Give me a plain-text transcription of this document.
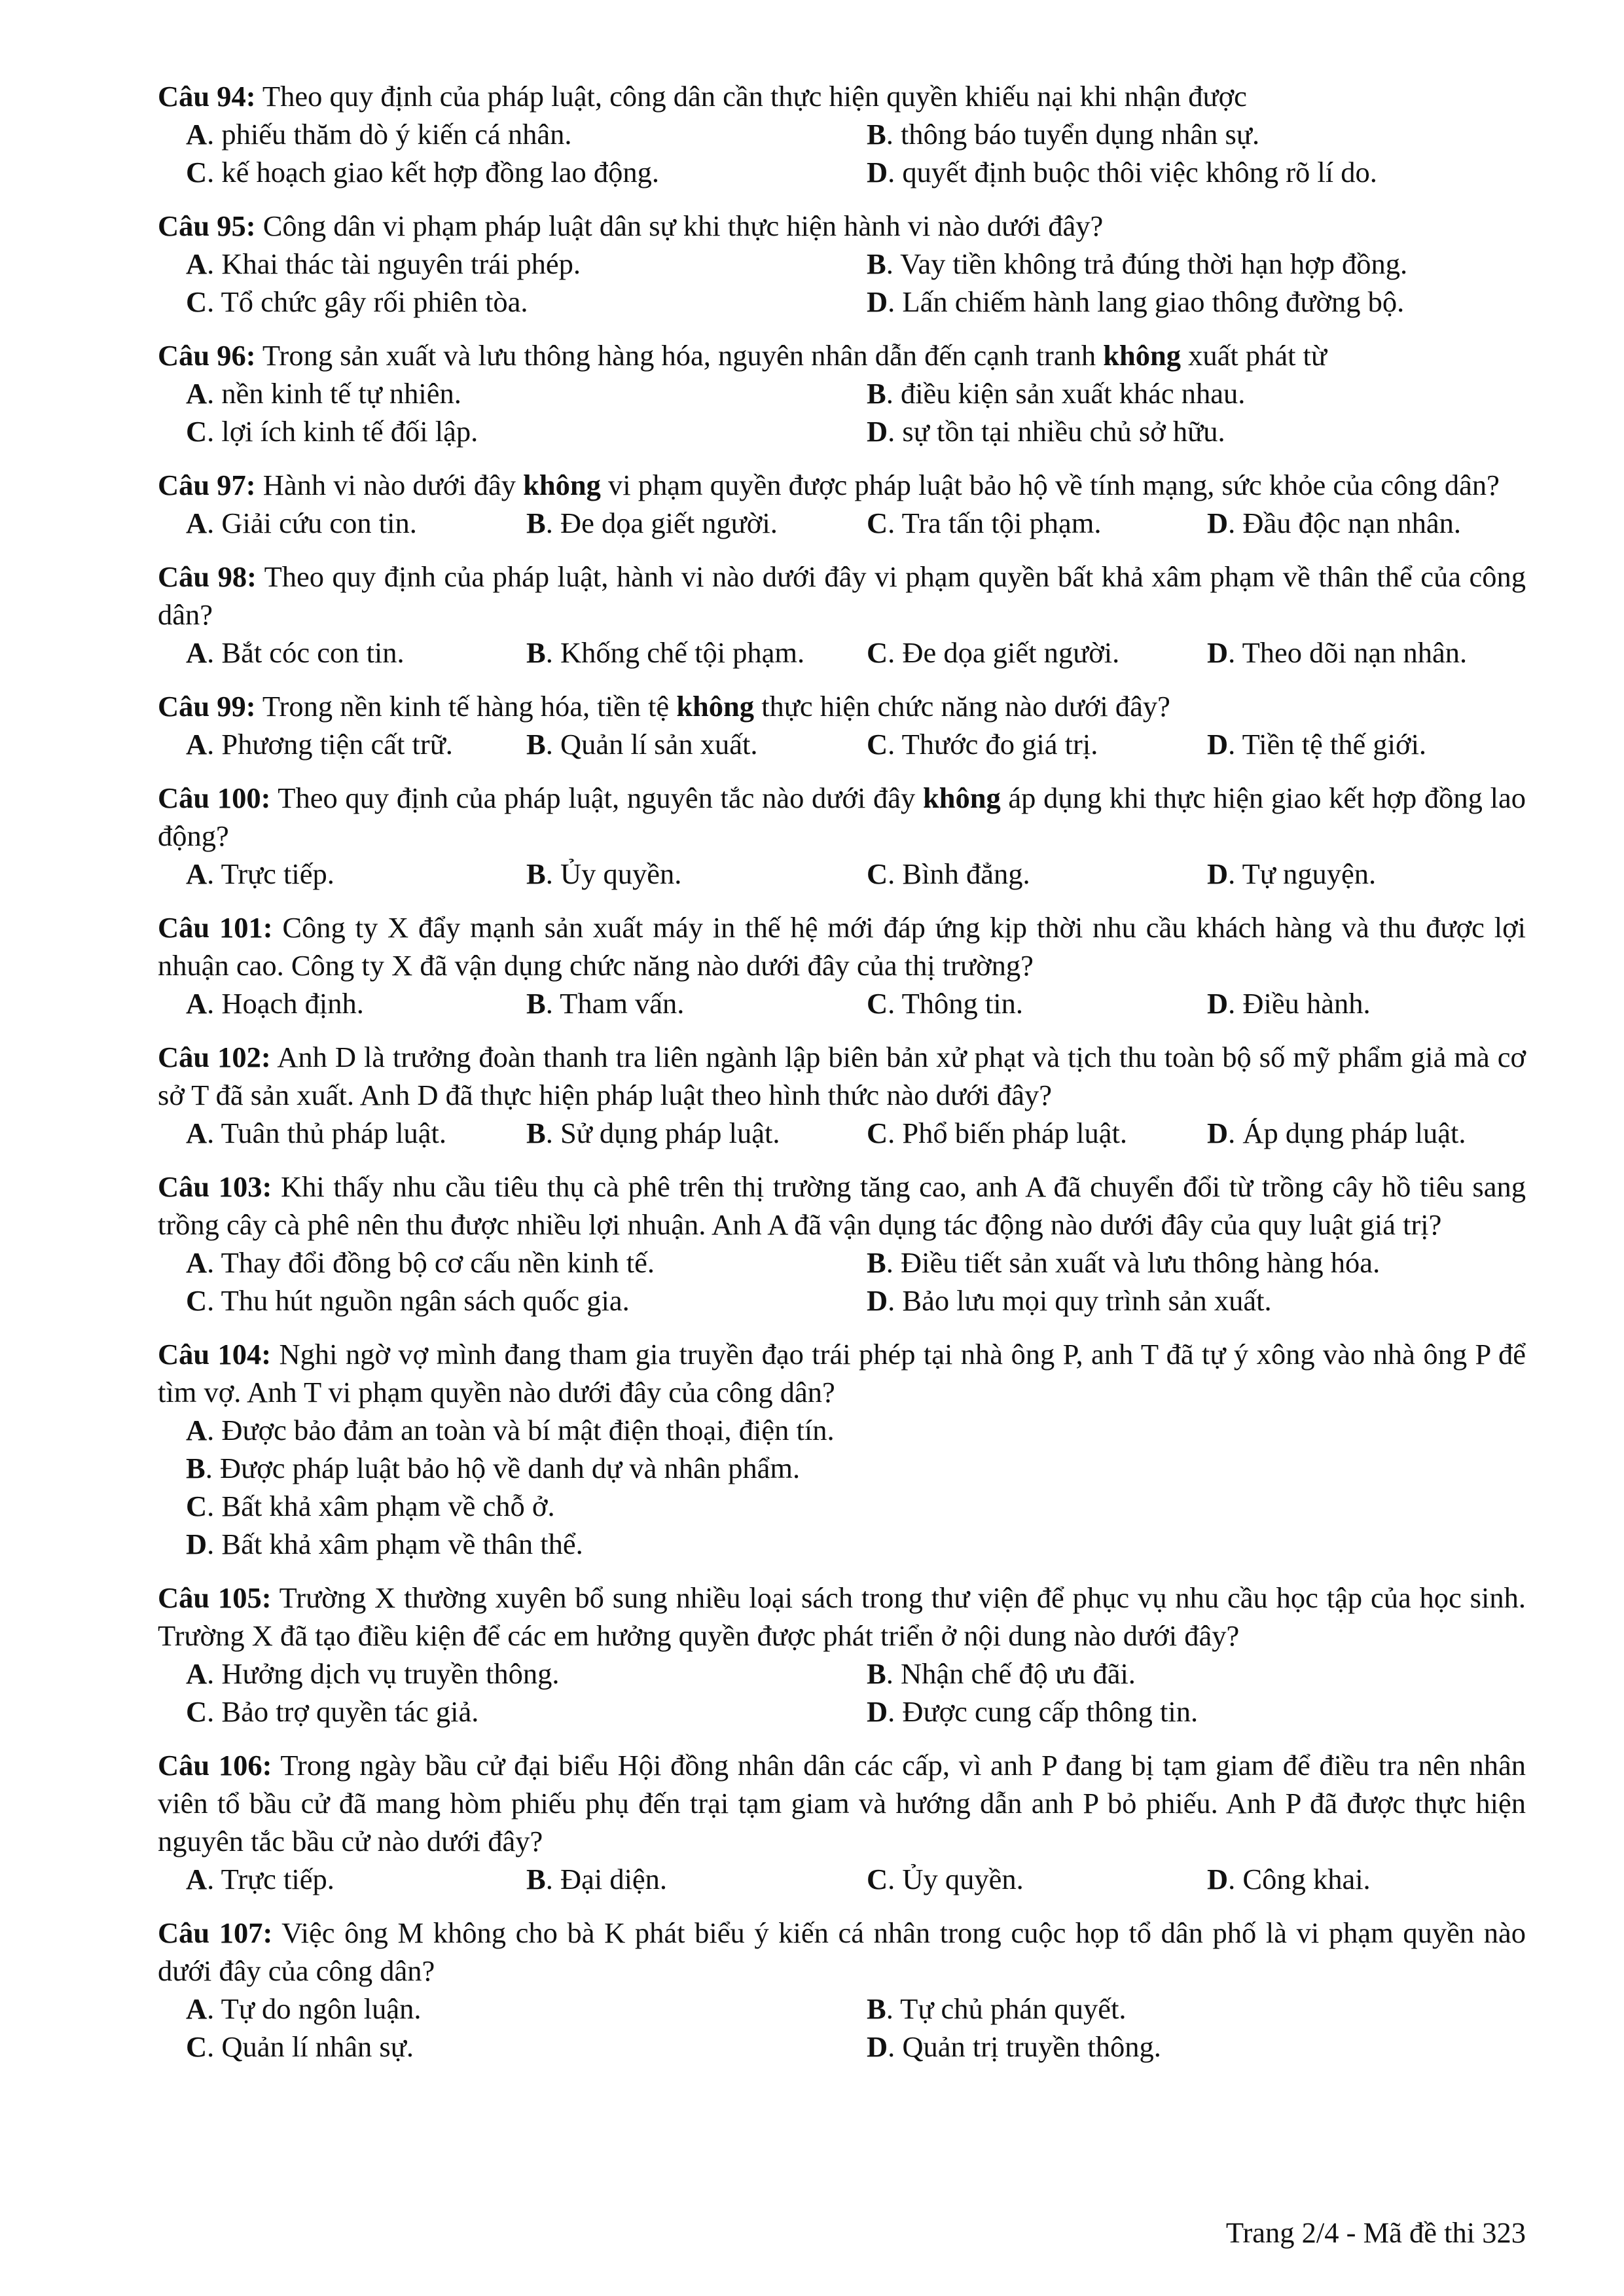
Câu 94: Theo quy định của pháp luật, công dân cần thực hiện quyền khiếu nại khi nhận được
A. phiếu thăm dò ý kiến cá nhân.	B. thông báo tuyển dụng nhân sự.
C. kế hoạch giao kết hợp đồng lao động.	D. quyết định buộc thôi việc không rõ lí do.
Câu 95: Công dân vi phạm pháp luật dân sự khi thực hiện hành vi nào dưới đây?
A. Khai thác tài nguyên trái phép.	B. Vay tiền không trả đúng thời hạn hợp đồng.
C. Tổ chức gây rối phiên tòa.	D. Lấn chiếm hành lang giao thông đường bộ.
Câu 96: Trong sản xuất và lưu thông hàng hóa, nguyên nhân dẫn đến cạnh tranh không xuất phát từ
A. nền kinh tế tự nhiên.	B. điều kiện sản xuất khác nhau.
C. lợi ích kinh tế đối lập.	D. sự tồn tại nhiều chủ sở hữu.
Câu 97: Hành vi nào dưới đây không vi phạm quyền được pháp luật bảo hộ về tính mạng, sức khỏe của công dân?
A. Giải cứu con tin.	B. Đe dọa giết người.	C. Tra tấn tội phạm.	D. Đầu độc nạn nhân.
Câu 98: Theo quy định của pháp luật, hành vi nào dưới đây vi phạm quyền bất khả xâm phạm về thân thể của công dân?
A. Bắt cóc con tin.	B. Khống chế tội phạm.	C. Đe dọa giết người.	D. Theo dõi nạn nhân.
Câu 99: Trong nền kinh tế hàng hóa, tiền tệ không thực hiện chức năng nào dưới đây?
A. Phương tiện cất trữ.	B. Quản lí sản xuất.	C. Thước đo giá trị.	D. Tiền tệ thế giới.
Câu 100: Theo quy định của pháp luật, nguyên tắc nào dưới đây không áp dụng khi thực hiện giao kết hợp đồng lao động?
A. Trực tiếp.	B. Ủy quyền.	C. Bình đẳng.	D. Tự nguyện.
Câu 101: Công ty X đẩy mạnh sản xuất máy in thế hệ mới đáp ứng kịp thời nhu cầu khách hàng và thu được lợi nhuận cao. Công ty X đã vận dụng chức năng nào dưới đây của thị trường?
A. Hoạch định.	B. Tham vấn.	C. Thông tin.	D. Điều hành.
Câu 102: Anh D là trưởng đoàn thanh tra liên ngành lập biên bản xử phạt và tịch thu toàn bộ số mỹ phẩm giả mà cơ sở T đã sản xuất. Anh D đã thực hiện pháp luật theo hình thức nào dưới đây?
A. Tuân thủ pháp luật.	B. Sử dụng pháp luật.	C. Phổ biến pháp luật.	D. Áp dụng pháp luật.
Câu 103: Khi thấy nhu cầu tiêu thụ cà phê trên thị trường tăng cao, anh A đã chuyển đổi từ trồng cây hồ tiêu sang trồng cây cà phê nên thu được nhiều lợi nhuận. Anh A đã vận dụng tác động nào dưới đây của quy luật giá trị?
A. Thay đổi đồng bộ cơ cấu nền kinh tế.	B. Điều tiết sản xuất và lưu thông hàng hóa.
C. Thu hút nguồn ngân sách quốc gia.	D. Bảo lưu mọi quy trình sản xuất.
Câu 104: Nghi ngờ vợ mình đang tham gia truyền đạo trái phép tại nhà ông P, anh T đã tự ý xông vào nhà ông P để tìm vợ. Anh T vi phạm quyền nào dưới đây của công dân?
A. Được bảo đảm an toàn và bí mật điện thoại, điện tín.
B. Được pháp luật bảo hộ về danh dự và nhân phẩm.
C. Bất khả xâm phạm về chỗ ở.
D. Bất khả xâm phạm về thân thể.
Câu 105: Trường X thường xuyên bổ sung nhiều loại sách trong thư viện để phục vụ nhu cầu học tập của học sinh. Trường X đã tạo điều kiện để các em hưởng quyền được phát triển ở nội dung nào dưới đây?
A. Hưởng dịch vụ truyền thông.	B. Nhận chế độ ưu đãi.
C. Bảo trợ quyền tác giả.	D. Được cung cấp thông tin.
Câu 106: Trong ngày bầu cử đại biểu Hội đồng nhân dân các cấp, vì anh P đang bị tạm giam để điều tra nên nhân viên tổ bầu cử đã mang hòm phiếu phụ đến trại tạm giam và hướng dẫn anh P bỏ phiếu. Anh P đã được thực hiện nguyên tắc bầu cử nào dưới đây?
A. Trực tiếp.	B. Đại diện.	C. Ủy quyền.	D. Công khai.
Câu 107: Việc ông M không cho bà K phát biểu ý kiến cá nhân trong cuộc họp tổ dân phố là vi phạm quyền nào dưới đây của công dân?
A. Tự do ngôn luận.	B. Tự chủ phán quyết.
C. Quản lí nhân sự.	D. Quản trị truyền thông.
Trang 2/4 - Mã đề thi 323
